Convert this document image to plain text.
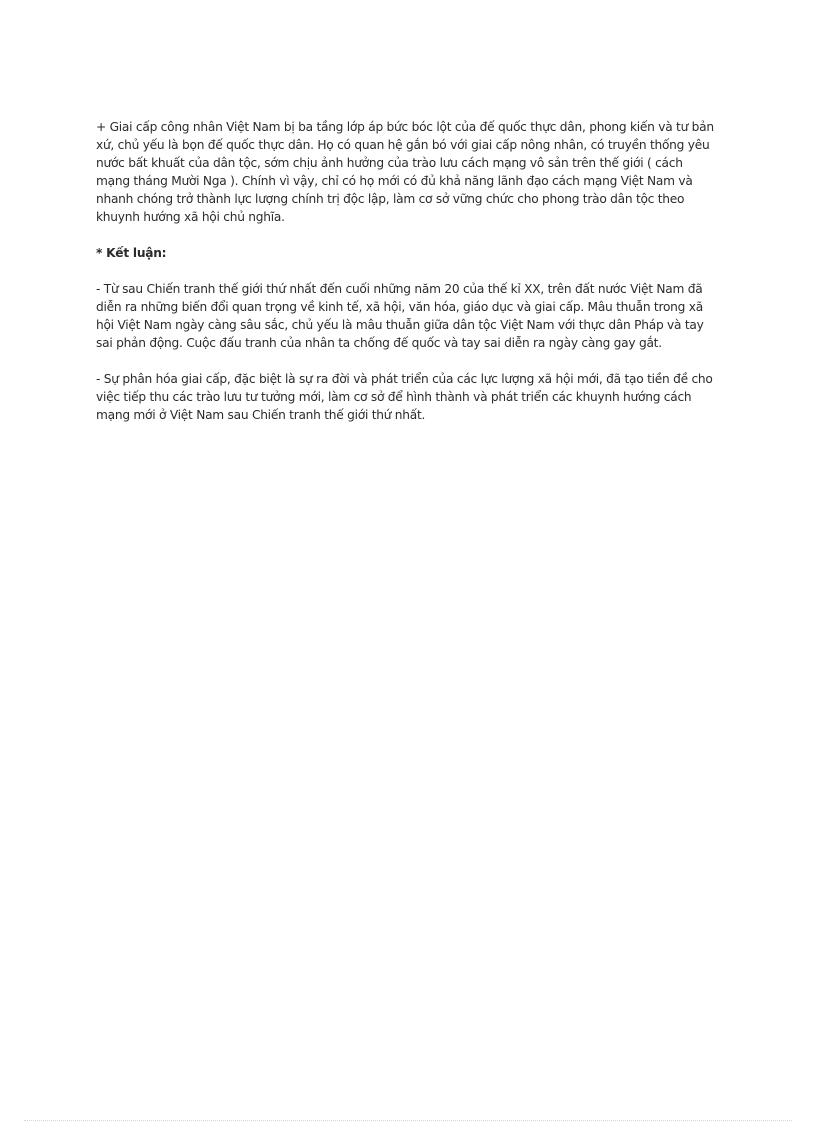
+ Giai cấp công nhân Việt Nam bị ba tầng lớp áp bức bóc lột của đế quốc thực dân, phong kiến và tư bản xứ, chủ yếu là bọn đế quốc thực dân. Họ có quan hệ gắn bó với giai cấp nông nhân, có truyền thống yêu nước bất khuất của dân tộc, sớm chịu ảnh hưởng của trào lưu cách mạng vô sản trên thế giới ( cách mạng tháng Mười Nga ). Chính vì vậy, chỉ có họ mới có đủ khả năng lãnh đạo cách mạng Việt Nam và nhanh chóng trở thành lực lượng chính trị độc lập, làm cơ sở vững chức cho phong trào dân tộc theo khuynh hướng xã hội chủ nghĩa.

* Kết luận:

- Từ sau Chiến tranh thế giới thứ nhất đến cuối những năm 20 của thế kỉ XX, trên đất nước Việt Nam đã diễn ra những biến đổi quan trọng về kinh tế, xã hội, văn hóa, giáo dục và giai cấp. Mâu thuẫn trong xã hội Việt Nam ngày càng sâu sắc, chủ yếu là mâu thuẫn giữa dân tộc Việt Nam với thực dân Pháp và tay sai phản động. Cuộc đấu tranh của nhân ta chống đế quốc và tay sai diễn ra ngày càng gay gắt.

- Sự phân hóa giai cấp, đặc biệt là sự ra đời và phát triển của các lực lượng xã hội mới, đã tạo tiền đề cho việc tiếp thu các trào lưu tư tưởng mới, làm cơ sở để hình thành và phát triển các khuynh hướng cách mạng mới ở Việt Nam sau Chiến tranh thế giới thứ nhất.
